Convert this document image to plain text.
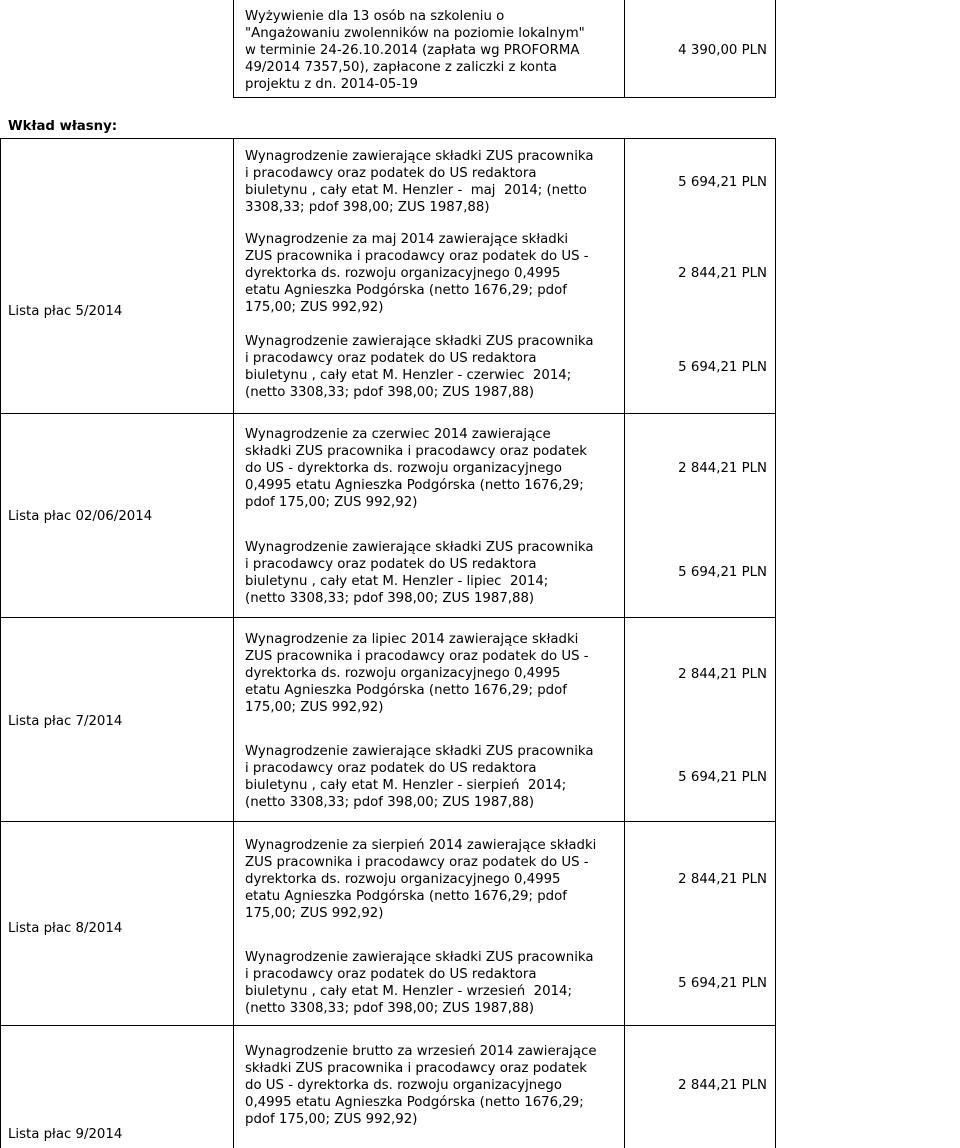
Wyżywienie dla 13 osób na szkoleniu o
"Angażowaniu zwolenników na poziomie lokalnym"
w terminie 24-26.10.2014 (zapłata wg PROFORMA
49/2014 7357,50), zapłacone z zaliczki z konta
projektu z dn. 2014-05-19
4 390,00 PLN
Wkład własny:
Lista płac 5/2014
Wynagrodzenie zawierające składki ZUS pracownika
i pracodawcy oraz podatek do US redaktora
biuletynu , cały etat M. Henzler -  maj  2014; (netto
3308,33; pdof 398,00; ZUS 1987,88)
5 694,21 PLN
Wynagrodzenie za maj 2014 zawierające składki
ZUS pracownika i pracodawcy oraz podatek do US -
dyrektorka ds. rozwoju organizacyjnego 0,4995
etatu Agnieszka Podgórska (netto 1676,29; pdof
175,00; ZUS 992,92)
2 844,21 PLN
Wynagrodzenie zawierające składki ZUS pracownika
i pracodawcy oraz podatek do US redaktora
biuletynu , cały etat M. Henzler - czerwiec  2014;
(netto 3308,33; pdof 398,00; ZUS 1987,88)
5 694,21 PLN
Lista płac 02/06/2014
Wynagrodzenie za czerwiec 2014 zawierające
składki ZUS pracownika i pracodawcy oraz podatek
do US - dyrektorka ds. rozwoju organizacyjnego
0,4995 etatu Agnieszka Podgórska (netto 1676,29;
pdof 175,00; ZUS 992,92)
2 844,21 PLN
Wynagrodzenie zawierające składki ZUS pracownika
i pracodawcy oraz podatek do US redaktora
biuletynu , cały etat M. Henzler - lipiec  2014;
(netto 3308,33; pdof 398,00; ZUS 1987,88)
5 694,21 PLN
Lista płac 7/2014
Wynagrodzenie za lipiec 2014 zawierające składki
ZUS pracownika i pracodawcy oraz podatek do US -
dyrektorka ds. rozwoju organizacyjnego 0,4995
etatu Agnieszka Podgórska (netto 1676,29; pdof
175,00; ZUS 992,92)
2 844,21 PLN
Wynagrodzenie zawierające składki ZUS pracownika
i pracodawcy oraz podatek do US redaktora
biuletynu , cały etat M. Henzler - sierpień  2014;
(netto 3308,33; pdof 398,00; ZUS 1987,88)
5 694,21 PLN
Lista płac 8/2014
Wynagrodzenie za sierpień 2014 zawierające składki
ZUS pracownika i pracodawcy oraz podatek do US -
dyrektorka ds. rozwoju organizacyjnego 0,4995
etatu Agnieszka Podgórska (netto 1676,29; pdof
175,00; ZUS 992,92)
2 844,21 PLN
Wynagrodzenie zawierające składki ZUS pracownika
i pracodawcy oraz podatek do US redaktora
biuletynu , cały etat M. Henzler - wrzesień  2014;
(netto 3308,33; pdof 398,00; ZUS 1987,88)
5 694,21 PLN
Lista płac 9/2014
Wynagrodzenie brutto za wrzesień 2014 zawierające
składki ZUS pracownika i pracodawcy oraz podatek
do US - dyrektorka ds. rozwoju organizacyjnego
0,4995 etatu Agnieszka Podgórska (netto 1676,29;
pdof 175,00; ZUS 992,92)
2 844,21 PLN
